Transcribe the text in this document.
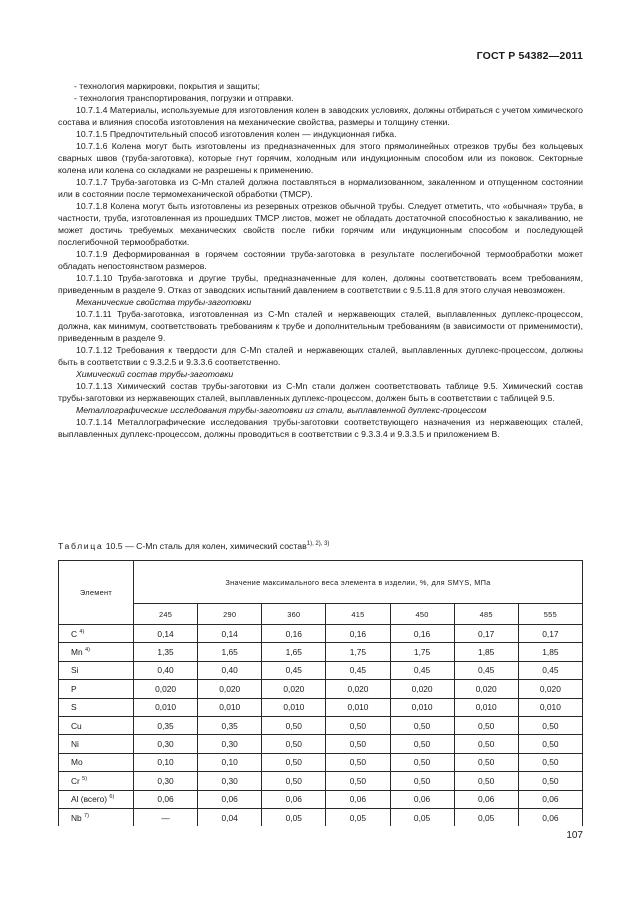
ГОСТ Р 54382—2011

- технология маркировки, покрытия и защиты;

- технология транспортирования, погрузки и отправки.

10.7.1.4 Материалы, используемые для изготовления колен в заводских условиях, должны отбираться с учетом химического состава и влияния способа изготовления на механические свойства, размеры и толщину стенки.

10.7.1.5 Предпочтительный способ изготовления колен — индукционная гибка.

10.7.1.6 Колена могут быть изготовлены из предназначенных для этого прямолинейных отрезков трубы без кольцевых сварных швов (труба-заготовка), которые гнут горячим, холодным или индукционным способом или из поковок. Секторные колена или колена со складками не разрешены к применению.

10.7.1.7 Труба-заготовка из C-Mn сталей должна поставляться в нормализованном, закаленном и отпущенном состоянии или в состоянии после термомеханической обработки (TMCP).

10.7.1.8 Колена могут быть изготовлены из резервных отрезков обычной трубы. Следует отметить, что «обычная» труба, в частности, труба, изготовленная из прошедших TMCP листов, может не обладать достаточной способностью к закаливанию, не может достичь требуемых механических свойств после гибки горячим или индукционным способом и последующей послегибочной термообработки.

10.7.1.9 Деформированная в горячем состоянии труба-заготовка в результате послегибочной термообработки может обладать непостоянством размеров.

10.7.1.10 Труба-заготовка и другие трубы, предназначенные для колен, должны соответствовать всем требованиям, приведенным в разделе 9. Отказ от заводских испытаний давлением в соответствии с 9.5.11.8 для этого случая невозможен.

Механические свойства трубы-заготовки

10.7.1.11 Труба-заготовка, изготовленная из C-Mn сталей и нержавеющих сталей, выплавленных дуплекс-процессом, должна, как минимум, соответствовать требованиям к трубе и дополнительным требованиям (в зависимости от применимости), приведенным в разделе 9.

10.7.1.12 Требования к твердости для C-Mn сталей и нержавеющих сталей, выплавленных дуплекс-процессом, должны быть в соответствии с 9.3.2.5 и 9.3.3.6 соответственно.

Химический состав трубы-заготовки

10.7.1.13 Химический состав трубы-заготовки из C-Mn стали должен соответствовать таблице 9.5. Химический состав трубы-заготовки из нержавеющих сталей, выплавленных дуплекс-процессом, должен быть в соответствии с таблицей 9.5.

Металлографические исследования трубы-заготовки из стали, выплавленной дуплекс-процессом

10.7.1.14 Металлографические исследования трубы-заготовки соответствующего назначения из нержавеющих сталей, выплавленных дуплекс-процессом, должны проводиться в соответствии с 9.3.3.4 и 9.3.3.5 и приложением В.

Таблица 10.5 — C-Mn сталь для колен, химический состав$^{1), 2), 3)}$
Элемент	Значение максимального веса элемента в изделии, %, для SMYS, МПа						
	245	290	360	415	450	485	555
C $^{4)}$	0,14	0,14	0,16	0,16	0,16	0,17	0,17
Mn $^{4)}$	1,35	1,65	1,65	1,75	1,75	1,85	1,85
Si	0,40	0,40	0,45	0,45	0,45	0,45	0,45
P	0,020	0,020	0,020	0,020	0,020	0,020	0,020
S	0,010	0,010	0,010	0,010	0,010	0,010	0,010
Cu	0,35	0,35	0,50	0,50	0,50	0,50	0,50
Ni	0,30	0,30	0,50	0,50	0,50	0,50	0,50
Mo	0,10	0,10	0,50	0,50	0,50	0,50	0,50
Cr $^{5)}$	0,30	0,30	0,50	0,50	0,50	0,50	0,50
Al (всего) $^{6)}$	0,06	0,06	0,06	0,06	0,06	0,06	0,06
Nb $^{7)}$	—	0,04	0,05	0,05	0,05	0,05	0,06
107
